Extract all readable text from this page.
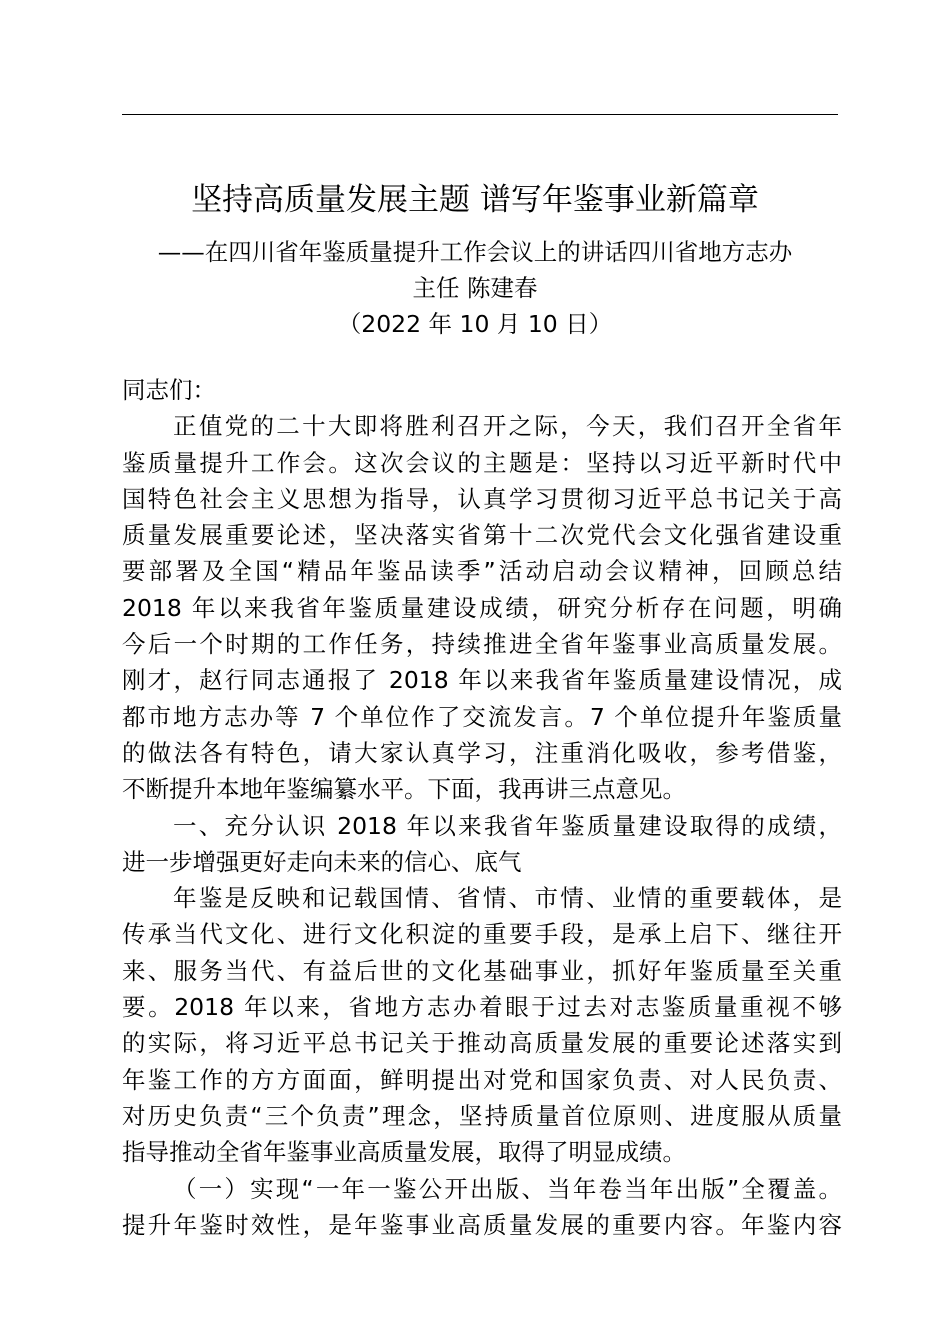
坚持高质量发展主题 谱写年鉴事业新篇章
——在四川省年鉴质量提升工作会议上的讲话四川省地方志办
主任 陈建春
（2022 年 10 月 10 日）
同志们：
正值党的二十大即将胜利召开之际，今天，我们召开全省年
鉴质量提升工作会。这次会议的主题是：坚持以习近平新时代中
国特色社会主义思想为指导，认真学习贯彻习近平总书记关于高
质量发展重要论述，坚决落实省第十二次党代会文化强省建设重
要部署及全国“精品年鉴品读季”活动启动会议精神，回顾总结
2018 年以来我省年鉴质量建设成绩，研究分析存在问题，明确
今后一个时期的工作任务，持续推进全省年鉴事业高质量发展。
刚才，赵行同志通报了 2018 年以来我省年鉴质量建设情况，成
都市地方志办等 7 个单位作了交流发言。7 个单位提升年鉴质量
的做法各有特色，请大家认真学习，注重消化吸收，参考借鉴，
不断提升本地年鉴编纂水平。下面，我再讲三点意见。
一、充分认识 2018 年以来我省年鉴质量建设取得的成绩，
进一步增强更好走向未来的信心、底气
年鉴是反映和记载国情、省情、市情、业情的重要载体，是
传承当代文化、进行文化积淀的重要手段，是承上启下、继往开
来、服务当代、有益后世的文化基础事业，抓好年鉴质量至关重
要。2018 年以来，省地方志办着眼于过去对志鉴质量重视不够
的实际，将习近平总书记关于推动高质量发展的重要论述落实到
年鉴工作的方方面面，鲜明提出对党和国家负责、对人民负责、
对历史负责“三个负责”理念，坚持质量首位原则、进度服从质量
指导推动全省年鉴事业高质量发展，取得了明显成绩。
（一）实现“一年一鉴公开出版、当年卷当年出版”全覆盖。
提升年鉴时效性，是年鉴事业高质量发展的重要内容。年鉴内容
